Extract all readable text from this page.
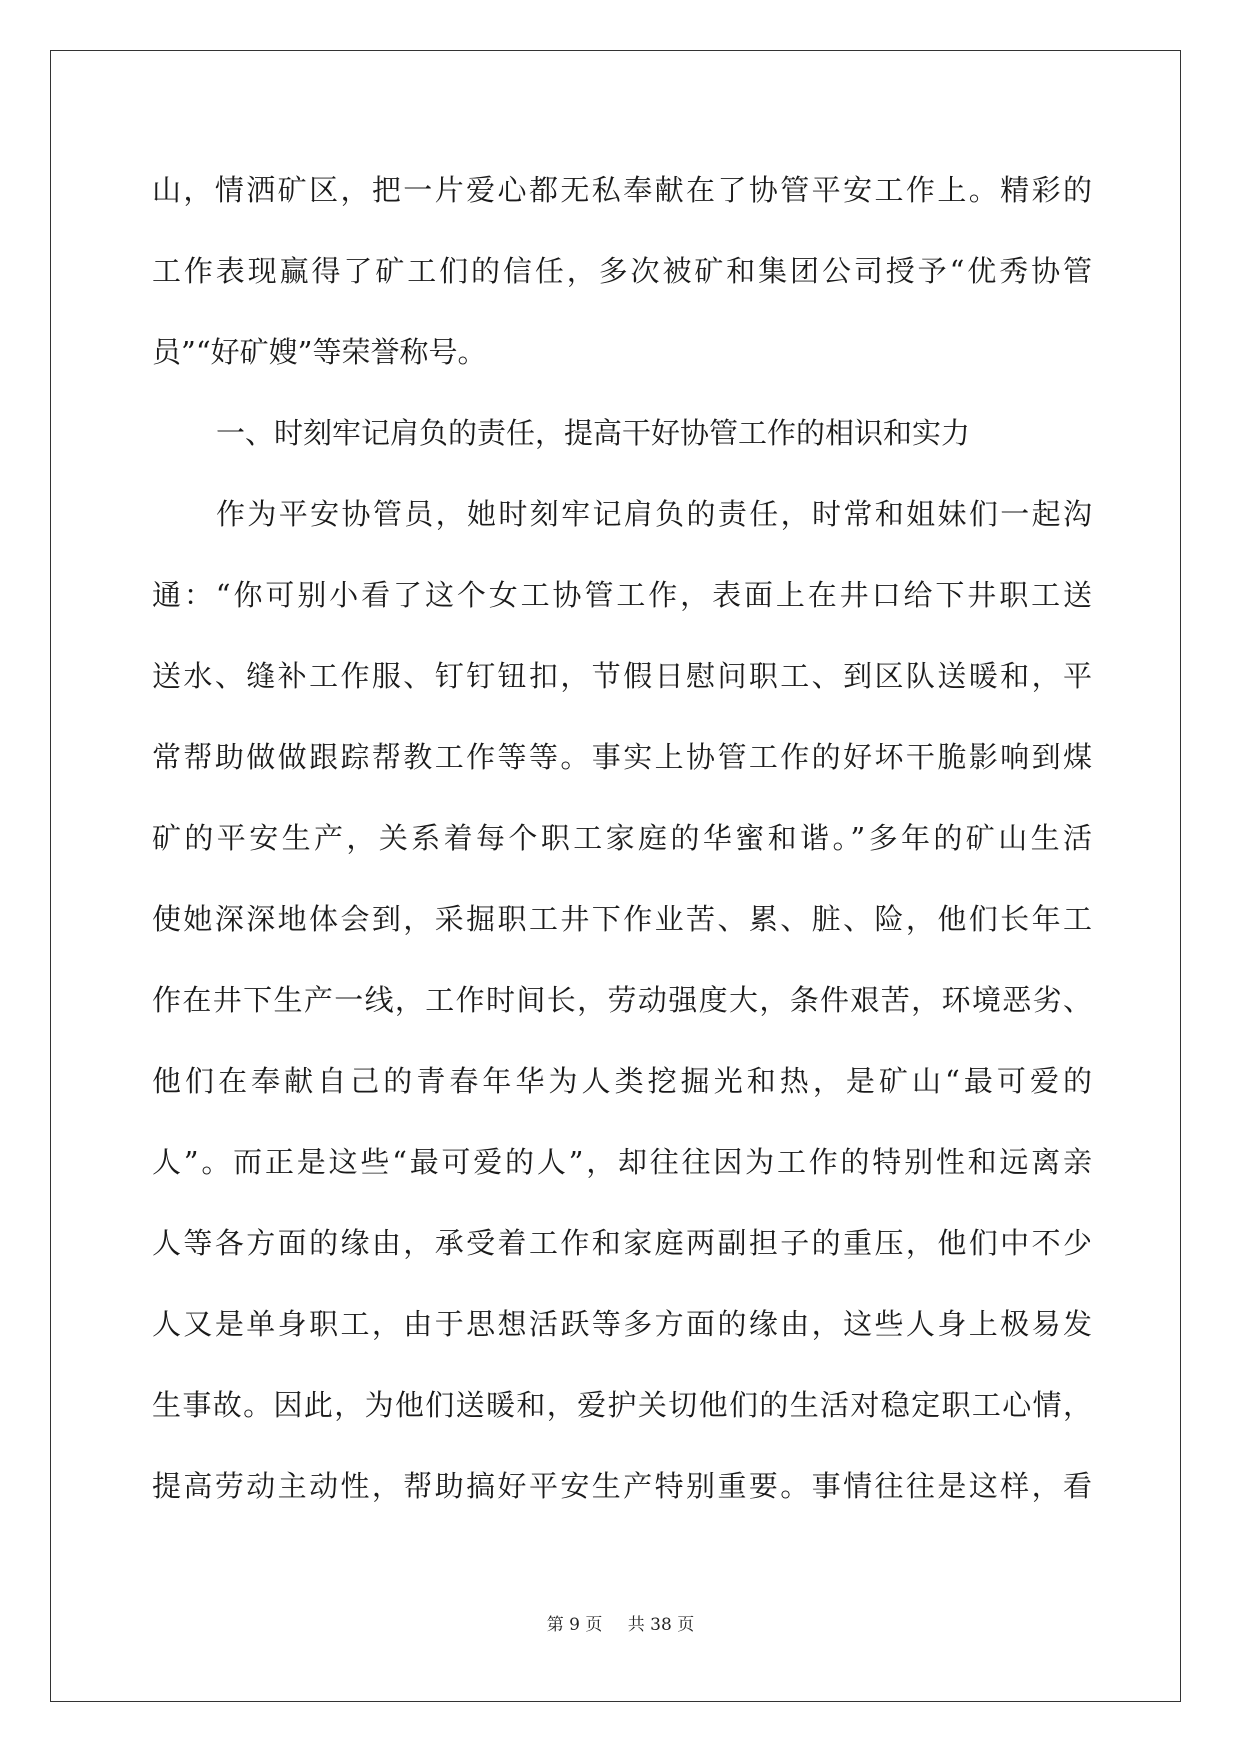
山，情洒矿区，把一片爱心都无私奉献在了协管平安工作上。精彩的
工作表现赢得了矿工们的信任，多次被矿和集团公司授予“优秀协管
员”“好矿嫂”等荣誉称号。
一、时刻牢记肩负的责任，提高干好协管工作的相识和实力
作为平安协管员，她时刻牢记肩负的责任，时常和姐妹们一起沟
通：“你可别小看了这个女工协管工作，表面上在井口给下井职工送
送水、缝补工作服、钉钉钮扣，节假日慰问职工、到区队送暖和，平
常帮助做做跟踪帮教工作等等。事实上协管工作的好坏干脆影响到煤
矿的平安生产，关系着每个职工家庭的华蜜和谐。”多年的矿山生活
使她深深地体会到，采掘职工井下作业苦、累、脏、险，他们长年工
作在井下生产一线，工作时间长，劳动强度大，条件艰苦，环境恶劣、
他们在奉献自己的青春年华为人类挖掘光和热，是矿山“最可爱的
人”。而正是这些“最可爱的人”，却往往因为工作的特别性和远离亲
人等各方面的缘由，承受着工作和家庭两副担子的重压，他们中不少
人又是单身职工，由于思想活跃等多方面的缘由，这些人身上极易发
生事故。因此，为他们送暖和，爱护关切他们的生活对稳定职工心情，
提高劳动主动性，帮助搞好平安生产特别重要。事情往往是这样，看
第 9 页 共 38 页
